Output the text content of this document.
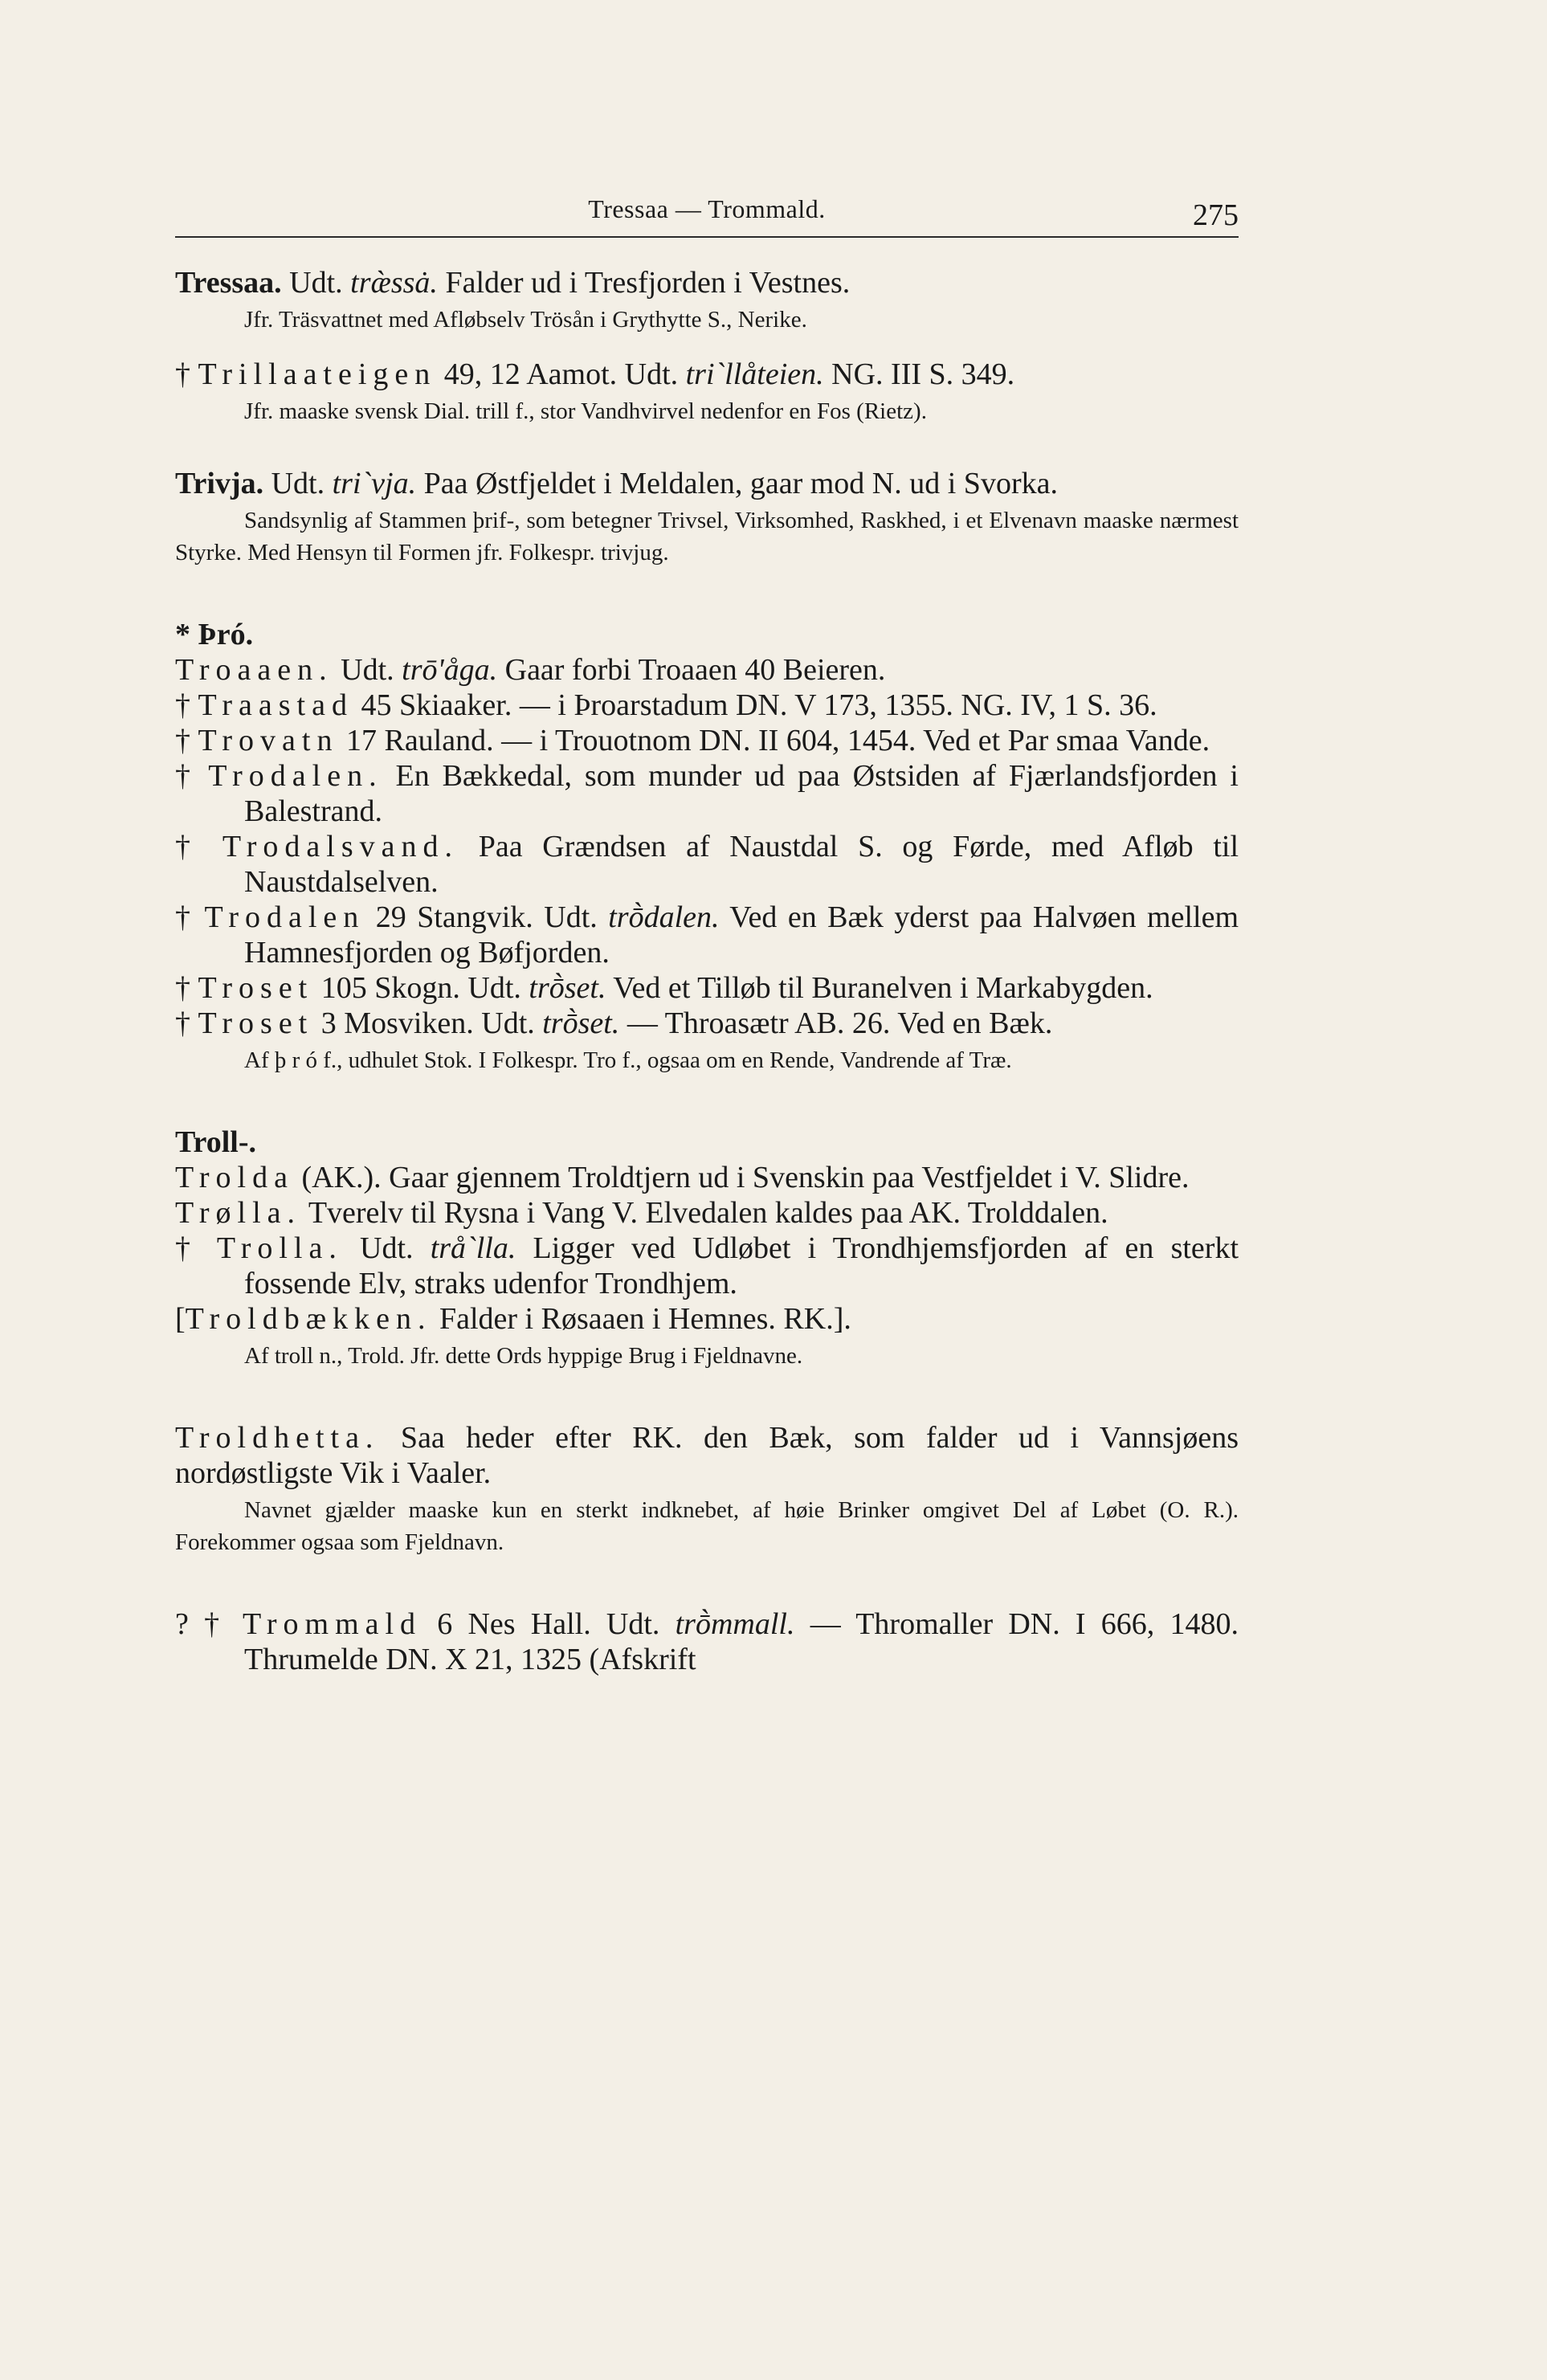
Tressaa — Trommald.	275

Tressaa. Udt. træ̀ssȧ. Falder ud i Tresfjorden i Vestnes.

Jfr. Träsvattnet med Afløbselv Trösån i Grythytte S., Nerike.

† Trillaateigen 49, 12 Aamot. Udt. tri`llåteien. NG. III S. 349.

Jfr. maaske svensk Dial. trill f., stor Vandhvirvel nedenfor en Fos (Rietz).

Trivja. Udt. tri`vja. Paa Østfjeldet i Meldalen, gaar mod N. ud i Svorka.

Sandsynlig af Stammen þrif-, som betegner Trivsel, Virksomhed, Raskhed, i et Elvenavn maaske nærmest Styrke. Med Hensyn til Formen jfr. Folkespr. trivjug.

* Þró.

Troaaen. Udt. trō'åga. Gaar forbi Troaaen 40 Beieren.

† Traastad 45 Skiaaker. — i Þroarstadum DN. V 173, 1355. NG. IV, 1 S. 36.

† Trovatn 17 Rauland. — i Trouotnom DN. II 604, 1454. Ved et Par smaa Vande.

† Trodalen. En Bækkedal, som munder ud paa Østsiden af Fjærlandsfjorden i Balestrand.

† Trodalsvand. Paa Grændsen af Naustdal S. og Førde, med Afløb til Naustdalselven.

† Trodalen 29 Stangvik. Udt. trṑdalen. Ved en Bæk yderst paa Halvøen mellem Hamnesfjorden og Bøfjorden.

† Troset 105 Skogn. Udt. trṑset. Ved et Tilløb til Buranelven i Markabygden.

† Troset 3 Mosviken. Udt. trṑset. — Throasætr AB. 26. Ved en Bæk.

Af þ r ó f., udhulet Stok. I Folkespr. Tro f., ogsaa om en Rende, Vandrende af Træ.

Troll-.

Trolda (AK.). Gaar gjennem Troldtjern ud i Svenskin paa Vestfjeldet i V. Slidre.

Trølla. Tverelv til Rysna i Vang V. Elvedalen kaldes paa AK. Trolddalen.

† Trolla. Udt. trå`lla. Ligger ved Udløbet i Trondhjemsfjorden af en sterkt fossende Elv, straks udenfor Trondhjem.

[Troldbækken. Falder i Røsaaen i Hemnes. RK.].

Af troll n., Trold. Jfr. dette Ords hyppige Brug i Fjeldnavne.

Troldhetta. Saa heder efter RK. den Bæk, som falder ud i Vannsjøens nordøstligste Vik i Vaaler.

Navnet gjælder maaske kun en sterkt indknebet, af høie Brinker omgivet Del af Løbet (O. R.). Forekommer ogsaa som Fjeldnavn.

? † Trommald 6 Nes Hall. Udt. trṑmmall. — Thromaller DN. I 666, 1480. Thrumelde DN. X 21, 1325 (Afskrift
